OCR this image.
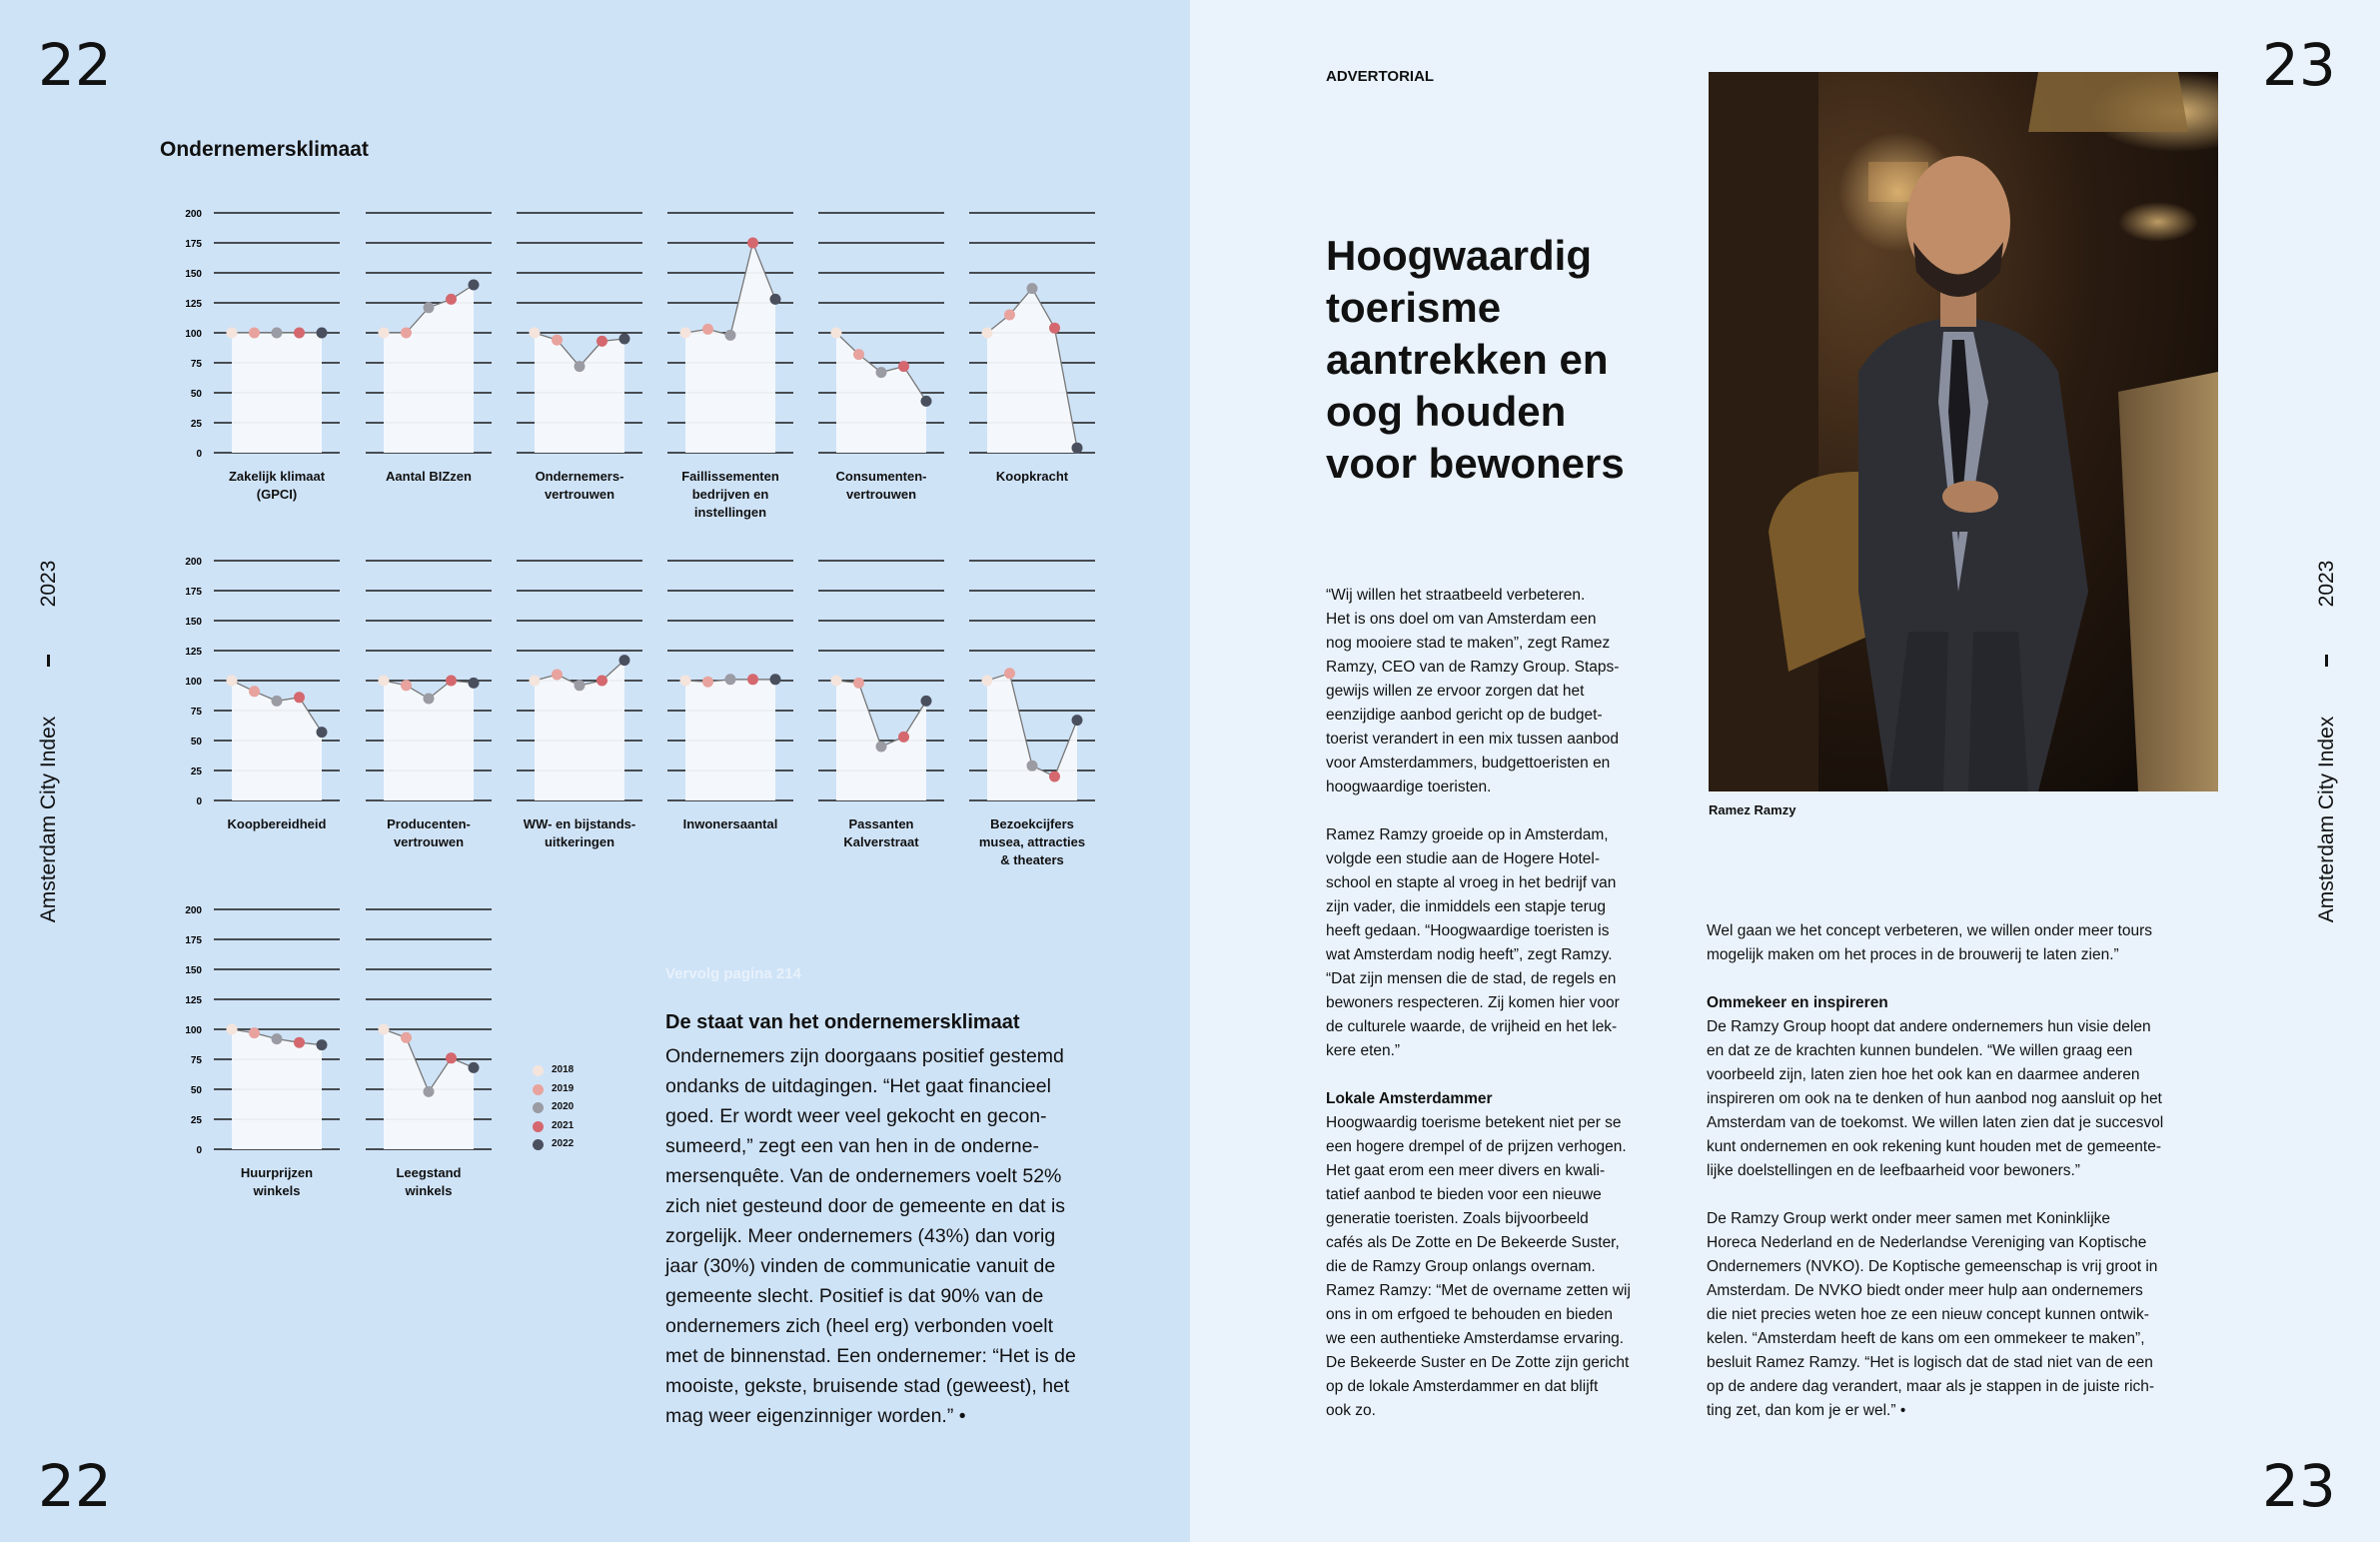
22
22
23
23
2023
Amsterdam City Index
2023
Amsterdam City Index
Ondernemersklimaat
0
25
50
75
100
125
150
175
200
Zakelijk klimaat
(GPCI)
Aantal BIZzen	Ondernemers-
vertrouwen
Faillissementen
bedrijven en
instellingen
Consumenten-
vertrouwen
Koopkracht
0
25
50
75
100
125
150
175
200
Koopbereidheid	Producenten-
vertrouwen
WW- en bijstands-
uitkeringen
Inwonersaantal	Passanten
Kalverstraat
Bezoekcijfers
musea, attracties
& theaters
0
25
50
75
100
125
150
175
200
Huurprijzen
winkels
Leegstand
winkels
2018
2019
2020
2021
2022
Vervolg pagina 214
De staat van het ondernemersklimaat
Ondernemers zijn doorgaans positief gestemd
ondanks de uitdagingen. “Het gaat financieel
goed. Er wordt weer veel gekocht en gecon-
sumeerd,” zegt een van hen in de onderne-
mersenquête. Van de ondernemers voelt 52%
zich niet gesteund door de gemeente en dat is
zorgelijk. Meer ondernemers (43%) dan vorig
jaar (30%) vinden de communicatie vanuit de
gemeente slecht. Positief is dat 90% van de
ondernemers zich (heel erg) verbonden voelt
met de binnenstad. Een ondernemer: “Het is de
mooiste, gekste, bruisende stad (geweest), het
mag weer eigenzinniger worden.” •
ADVERTORIAL
Hoogwaardig
toerisme
aantrekken en
oog houden
voor bewoners
Ramez Ramzy

“Wij willen het straatbeeld verbeteren.
Het is ons doel om van Amsterdam een
nog mooiere stad te maken”, zegt Ramez
Ramzy, CEO van de Ramzy Group. Staps-
gewijs willen ze ervoor zorgen dat het
eenzijdige aanbod gericht op de budget-
toerist verandert in een mix tussen aanbod
voor Amsterdammers, budgettoeristen en
hoogwaardige toeristen.

Ramez Ramzy groeide op in Amsterdam,
volgde een studie aan de Hogere Hotel-
school en stapte al vroeg in het bedrijf van
zijn vader, die inmiddels een stapje terug
heeft gedaan. “Hoogwaardige toeristen is
wat Amsterdam nodig heeft”, zegt Ramzy.
“Dat zijn mensen die de stad, de regels en
bewoners respecteren. Zij komen hier voor
de culturele waarde, de vrijheid en het lek-
kere eten.”

Lokale Amsterdammer

Hoogwaardig toerisme betekent niet per se
een hogere drempel of de prijzen verhogen.
Het gaat erom een meer divers en kwali-
tatief aanbod te bieden voor een nieuwe
generatie toeristen. Zoals bijvoorbeeld
cafés als De Zotte en De Bekeerde Suster,
die de Ramzy Group onlangs overnam.
Ramez Ramzy: “Met de overname zetten wij
ons in om erfgoed te behouden en bieden
we een authentieke Amsterdamse ervaring.
De Bekeerde Suster en De Zotte zijn gericht
op de lokale Amsterdammer en dat blijft
ook zo.

Wel gaan we het concept verbeteren, we willen onder meer tours
mogelijk maken om het proces in de brouwerij te laten zien.”

Ommekeer en inspireren

De Ramzy Group hoopt dat andere ondernemers hun visie delen
en dat ze de krachten kunnen bundelen. “We willen graag een
voorbeeld zijn, laten zien hoe het ook kan en daarmee anderen
inspireren om ook na te denken of hun aanbod nog aansluit op het
Amsterdam van de toekomst. We willen laten zien dat je succesvol
kunt ondernemen en ook rekening kunt houden met de gemeente-
lijke doelstellingen en de leefbaarheid voor bewoners.”

De Ramzy Group werkt onder meer samen met Koninklijke
Horeca Nederland en de Nederlandse Vereniging van Koptische
Ondernemers (NVKO). De Koptische gemeenschap is vrij groot in
Amsterdam. De NVKO biedt onder meer hulp aan ondernemers
die niet precies weten hoe ze een nieuw concept kunnen ontwik-
kelen. “Amsterdam heeft de kans om een ommekeer te maken”,
besluit Ramez Ramzy. “Het is logisch dat de stad niet van de een
op de andere dag verandert, maar als je stappen in de juiste rich-
ting zet, dan kom je er wel.” •
